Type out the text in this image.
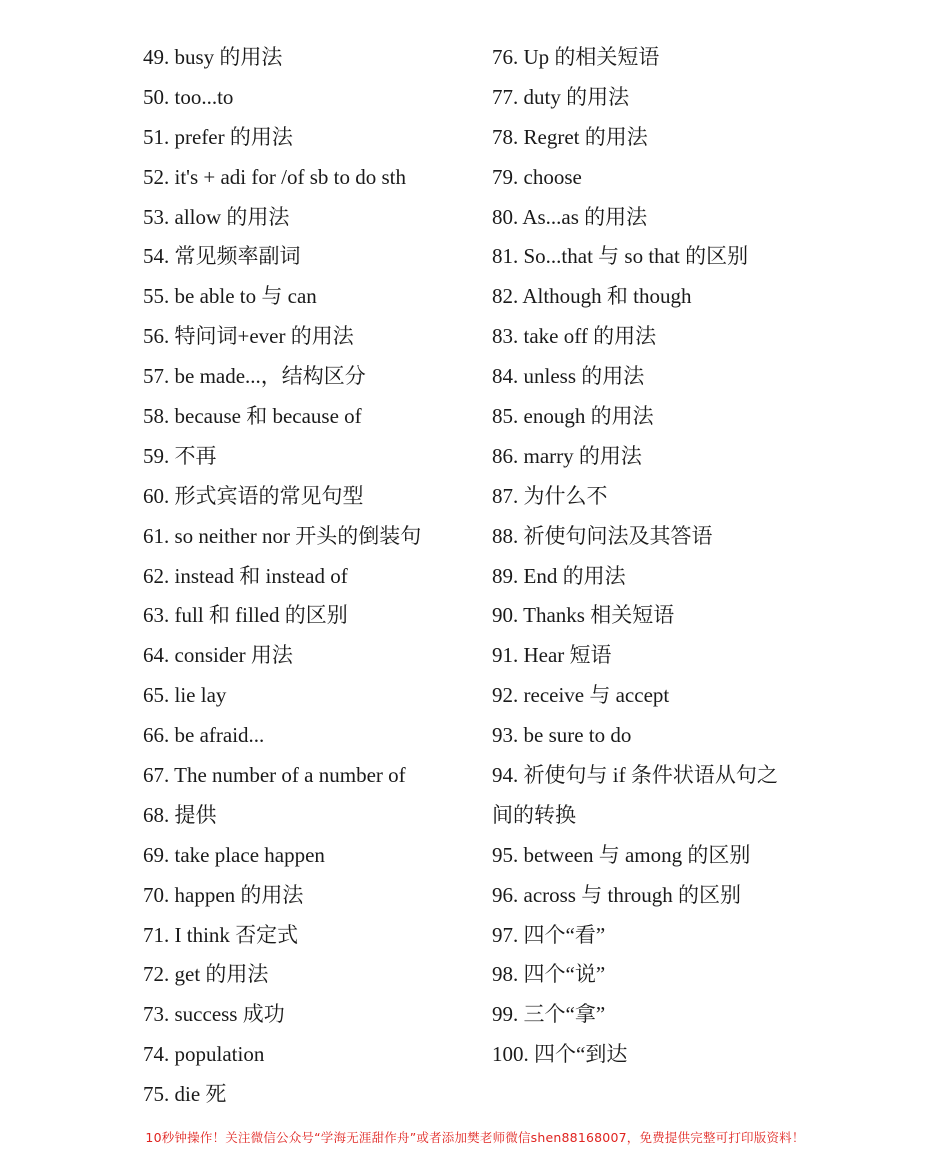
49. busy 的用法
50. too...to
51. prefer 的用法
52. it's + adi for /of sb to do sth
53. allow 的用法
54. 常见频率副词
55. be able to 与 can
56. 特问词+ever 的用法
57. be made...，结构区分
58. because 和 because of
59. 不再
60. 形式宾语的常见句型
61. so neither nor 开头的倒装句
62. instead 和 instead of
63. full 和 filled 的区别
64. consider 用法
65. lie lay
66. be afraid...
67. The number of a number of
68. 提供
69. take place happen
70. happen 的用法
71. I think 否定式
72. get 的用法
73. success 成功
74. population
75. die 死
76. Up 的相关短语
77. duty 的用法
78. Regret 的用法
79. choose
80. As...as 的用法
81. So...that 与 so that 的区别
82. Although 和 though
83. take off 的用法
84. unless 的用法
85. enough 的用法
86. marry 的用法
87. 为什么不
88. 祈使句问法及其答语
89. End 的用法
90. Thanks 相关短语
91. Hear 短语
92. receive 与 accept
93. be sure to do
94. 祈使句与 if 条件状语从句之
间的转换
95. between 与 among 的区别
96. across 与 through 的区别
97. 四个“看”
98. 四个“说”
99. 三个“拿”
100. 四个“到达
10秒钟操作！关注微信公众号“学海无涯甜作舟”或者添加樊老师微信shen88168007，免费提供完整可打印版资料！
